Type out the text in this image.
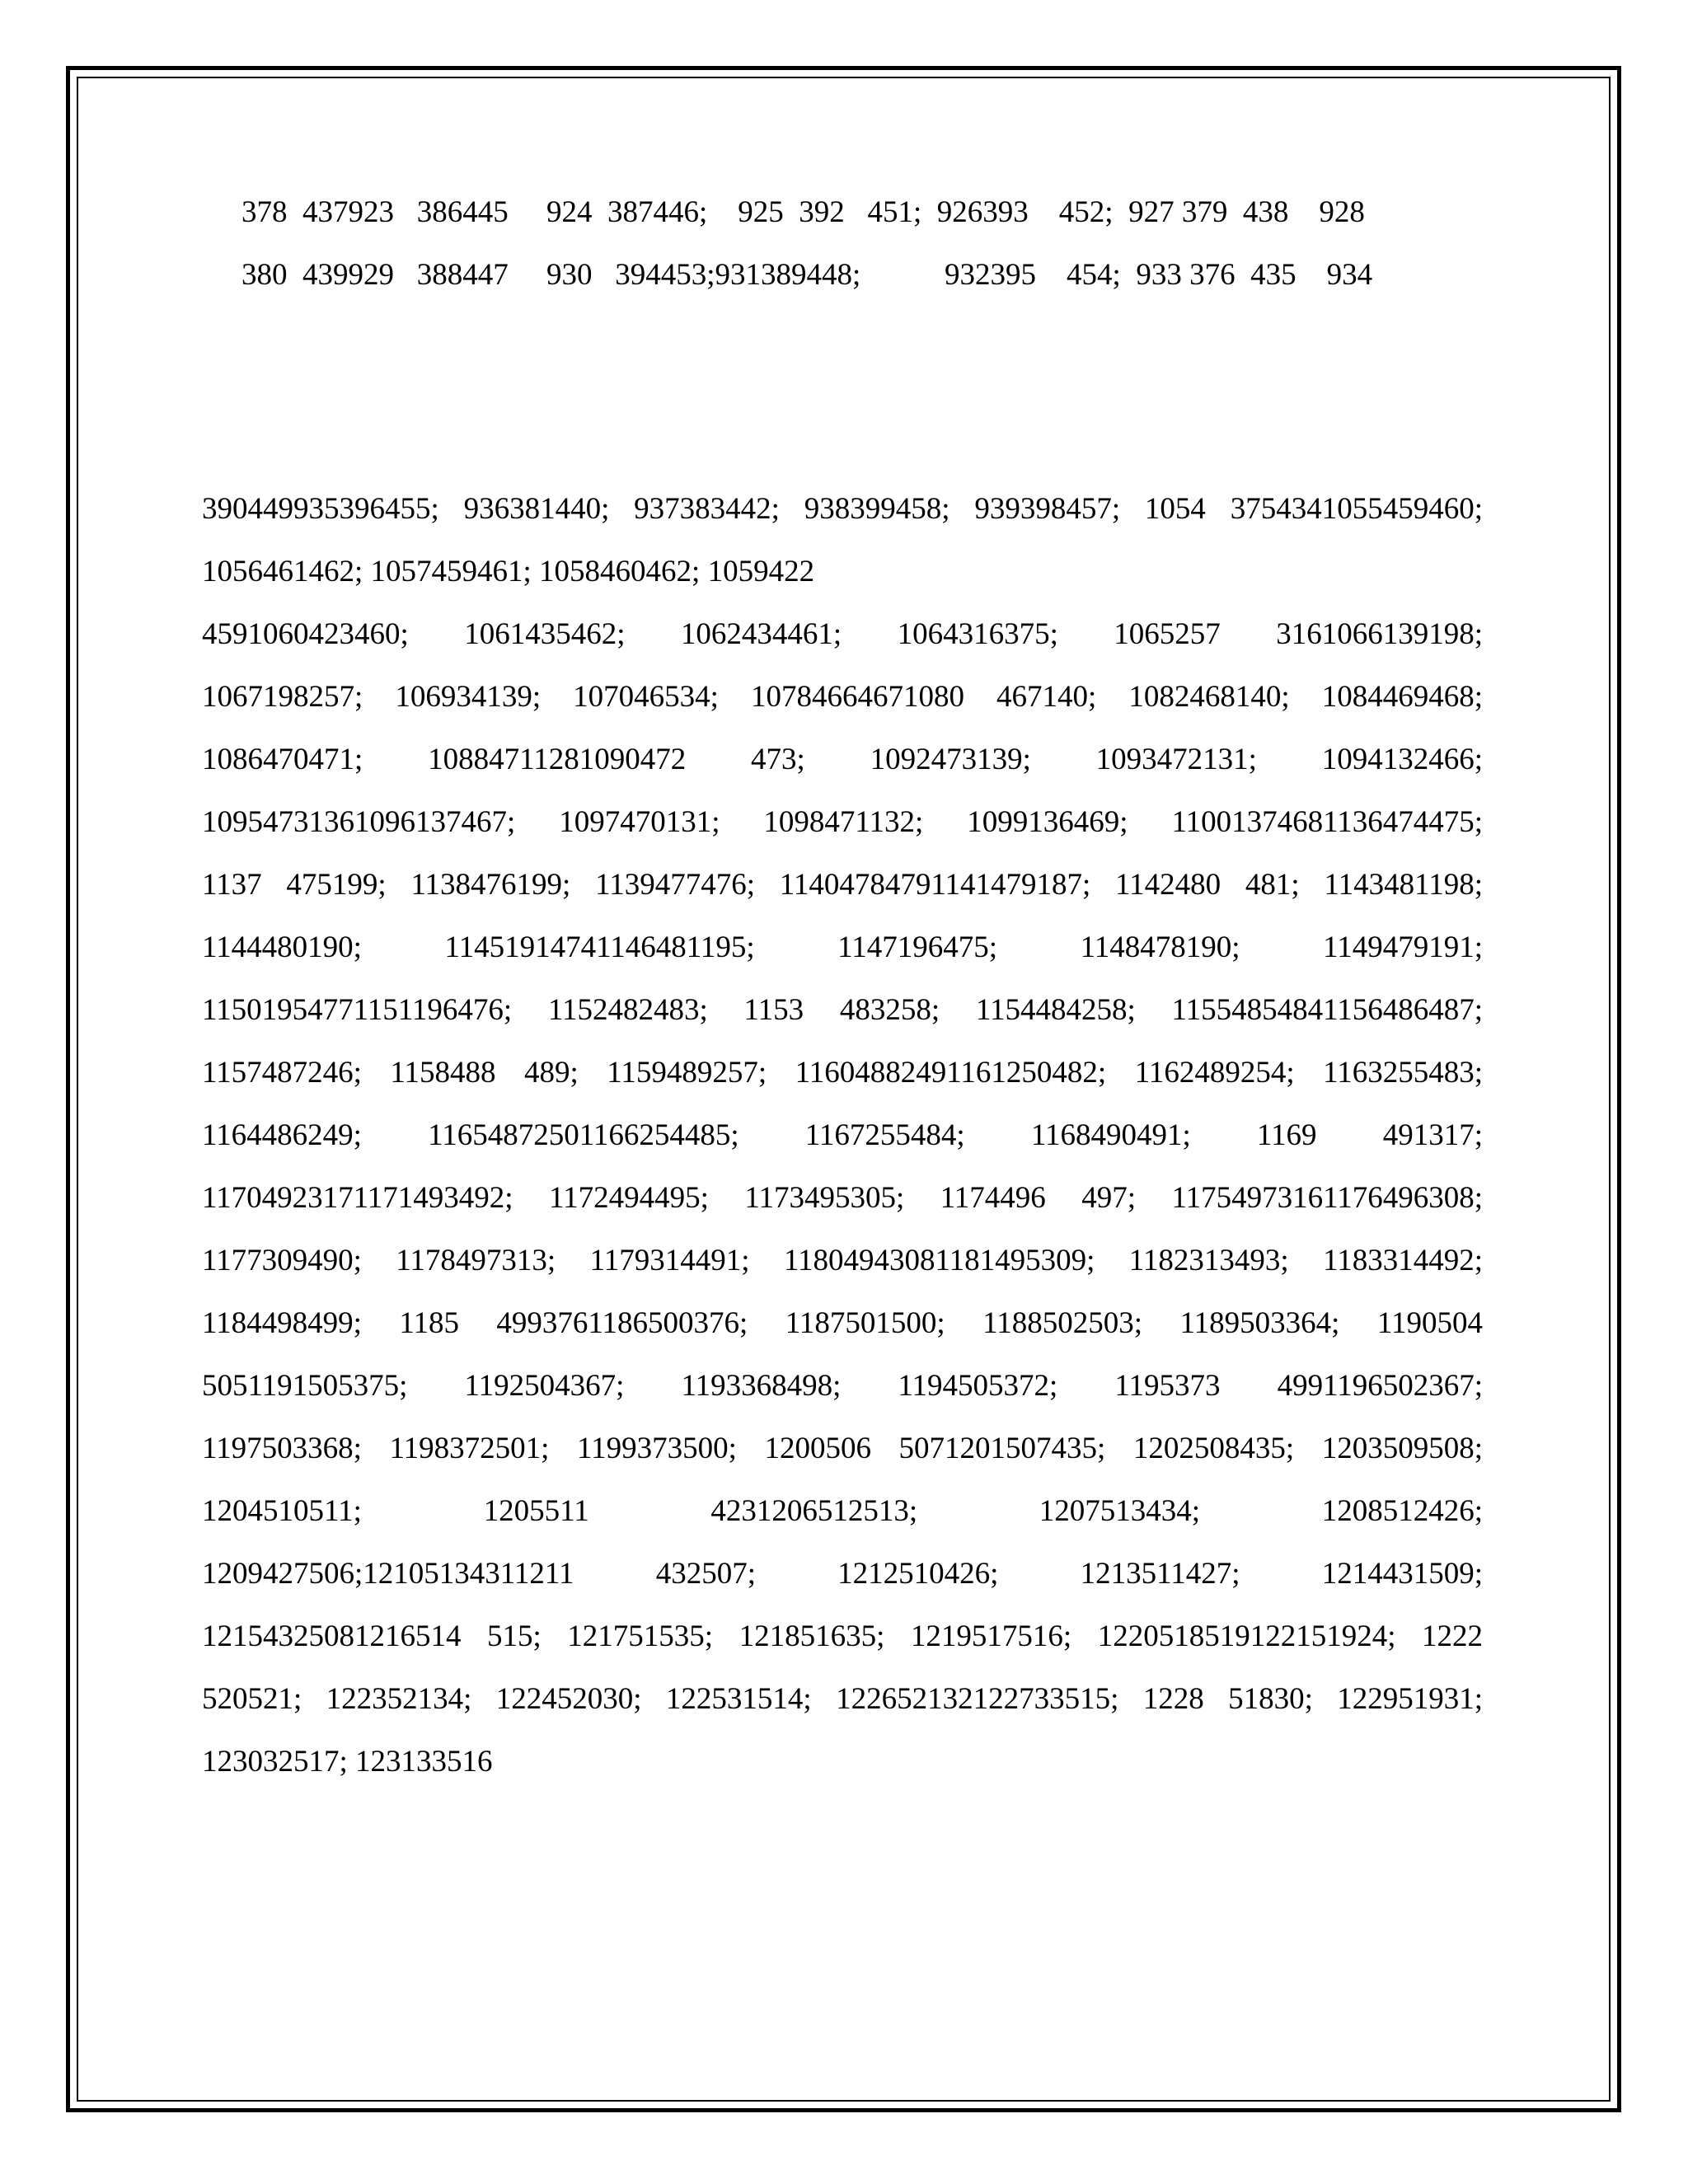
378  437923   386445     924  387446;    925  392   451;  926393    452;  927 379  438    928
380  439929   388447     930   394453;931389448;           932395    454;  933 376  435    934
390449935396455; 936381440; 937383442; 938399458; 939398457; 1054 3754341055459460;
1056461462; 1057459461; 1058460462; 1059422
4591060423460; 1061435462; 1062434461; 1064316375; 1065257 3161066139198;
1067198257; 106934139; 107046534; 10784664671080 467140; 1082468140; 1084469468;
1086470471; 10884711281090472 473; 1092473139; 1093472131; 1094132466;
10954731361096137467; 1097470131; 1098471132; 1099136469; 11001374681136474475;
1137 475199; 1138476199; 1139477476; 11404784791141479187; 1142480 481; 1143481198;
1144480190; 11451914741146481195; 1147196475; 1148478190; 1149479191;
11501954771151196476; 1152482483; 1153 483258; 1154484258; 11554854841156486487;
1157487246; 1158488 489; 1159489257; 11604882491161250482; 1162489254; 1163255483;
1164486249; 11654872501166254485; 1167255484; 1168490491; 1169 491317;
11704923171171493492; 1172494495; 1173495305; 1174496 497; 11754973161176496308;
1177309490; 1178497313; 1179314491; 11804943081181495309; 1182313493; 1183314492;
1184498499; 1185 4993761186500376; 1187501500; 1188502503; 1189503364; 1190504
5051191505375; 1192504367; 1193368498; 1194505372; 1195373 4991196502367;
1197503368; 1198372501; 1199373500; 1200506 5071201507435; 1202508435; 1203509508;
1204510511; 1205511 4231206512513; 1207513434; 1208512426;
1209427506;12105134311211 432507; 1212510426; 1213511427; 1214431509;
12154325081216514 515; 121751535; 121851635; 1219517516; 1220518519122151924; 1222
520521; 122352134; 122452030; 122531514; 122652132122733515; 1228 51830; 122951931;
123032517; 123133516
